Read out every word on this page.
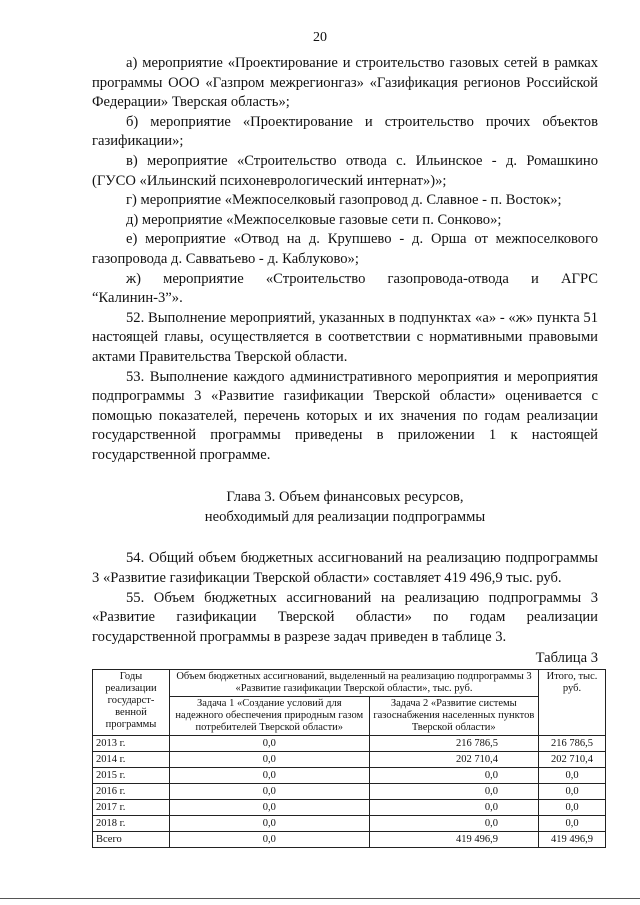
20

а) мероприятие «Проектирование и строительство газовых сетей в рамках программы ООО «Газпром межрегионгаз» «Газификация регионов Российской Федерации» Тверская область»;

б) мероприятие «Проектирование и строительство прочих объектов газификации»;

в) мероприятие «Строительство отвода с. Ильинское - д. Ромашкино (ГУСО «Ильинский психоневрологический интернат»)»;

г) мероприятие «Межпоселковый газопровод д. Славное - п. Восток»;

д) мероприятие «Межпоселковые газовые сети п. Сонково»;

е) мероприятие «Отвод на д. Крупшево - д. Орша от межпоселкового газопровода д. Савватьево - д. Каблуково»;

ж) мероприятие «Строительство газопровода-отвода и АГРС “Калинин-3”».

52. Выполнение мероприятий, указанных в подпунктах «а» - «ж» пункта 51 настоящей главы, осуществляется в соответствии с нормативными правовыми актами Правительства Тверской области.

53. Выполнение каждого административного мероприятия и мероприятия подпрограммы 3 «Развитие газификации Тверской области» оценивается с помощью показателей, перечень которых и их значения по годам реализации государственной программы приведены в приложении 1 к настоящей государственной программе.

Глава 3. Объем финансовых ресурсов,
необходимый для реализации подпрограммы

54. Общий объем бюджетных ассигнований на реализацию подпрограммы 3 «Развитие газификации Тверской области» составляет 419 496,9 тыс. руб.

55. Объем бюджетных ассигнований на реализацию подпрограммы 3 «Развитие газификации Тверской области» по годам реализации государственной программы в разрезе задач приведен в таблице 3.

Таблица 3
Годы реализации государст-венной программы	Объем бюджетных ассигнований, выделенный на реализацию подпрограммы 3 «Развитие газификации Тверской области», тыс. руб.		Итого, тыс. руб.
	Задача 1 «Создание условий для надежного обеспечения природным газом потребителей Тверской области»	Задача 2 «Развитие системы газоснабжения населенных пунктов Тверской области»	
2013 г.	0,0	216 786,5	216 786,5
2014 г.	0,0	202 710,4	202 710,4
2015 г.	0,0	0,0	0,0
2016 г.	0,0	0,0	0,0
2017 г.	0,0	0,0	0,0
2018 г.	0,0	0,0	0,0
Всего	0,0	419 496,9	419 496,9
